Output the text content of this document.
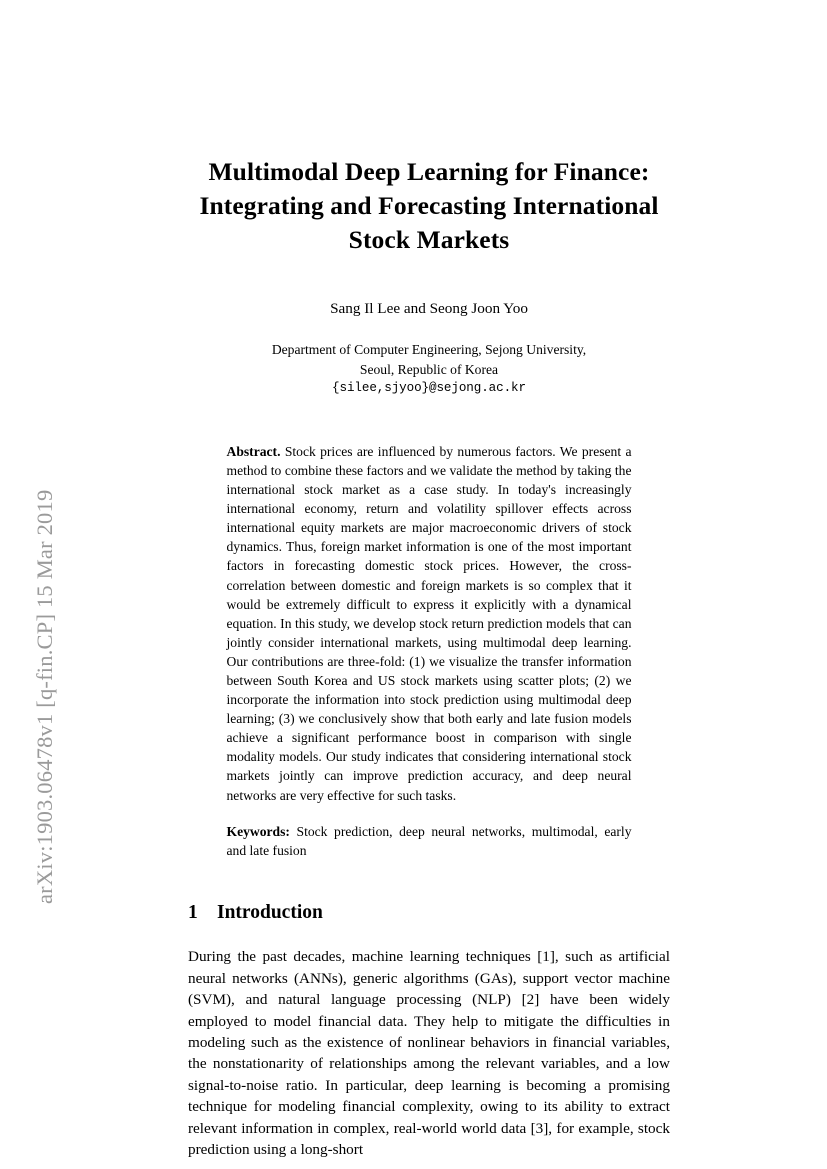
arXiv:1903.06478v1 [q-fin.CP] 15 Mar 2019
Multimodal Deep Learning for Finance: Integrating and Forecasting International Stock Markets

Sang Il Lee and Seong Joon Yoo

Department of Computer Engineering, Sejong University,
Seoul, Republic of Korea

{silee,sjyoo}@sejong.ac.kr

Abstract. Stock prices are influenced by numerous factors. We present a method to combine these factors and we validate the method by taking the international stock market as a case study. In today's increasingly international economy, return and volatility spillover effects across international equity markets are major macroeconomic drivers of stock dynamics. Thus, foreign market information is one of the most important factors in forecasting domestic stock prices. However, the cross-correlation between domestic and foreign markets is so complex that it would be extremely difficult to express it explicitly with a dynamical equation. In this study, we develop stock return prediction models that can jointly consider international markets, using multimodal deep learning. Our contributions are three-fold: (1) we visualize the transfer information between South Korea and US stock markets using scatter plots; (2) we incorporate the information into stock prediction using multimodal deep learning; (3) we conclusively show that both early and late fusion models achieve a significant performance boost in comparison with single modality models. Our study indicates that considering international stock markets jointly can improve prediction accuracy, and deep neural networks are very effective for such tasks.

Keywords: Stock prediction, deep neural networks, multimodal, early and late fusion

1 Introduction

During the past decades, machine learning techniques [1], such as artificial neural networks (ANNs), generic algorithms (GAs), support vector machine (SVM), and natural language processing (NLP) [2] have been widely employed to model financial data. They help to mitigate the difficulties in modeling such as the existence of nonlinear behaviors in financial variables, the nonstationarity of relationships among the relevant variables, and a low signal-to-noise ratio. In particular, deep learning is becoming a promising technique for modeling financial complexity, owing to its ability to extract relevant information in complex, real-world world data [3], for example, stock prediction using a long-short
